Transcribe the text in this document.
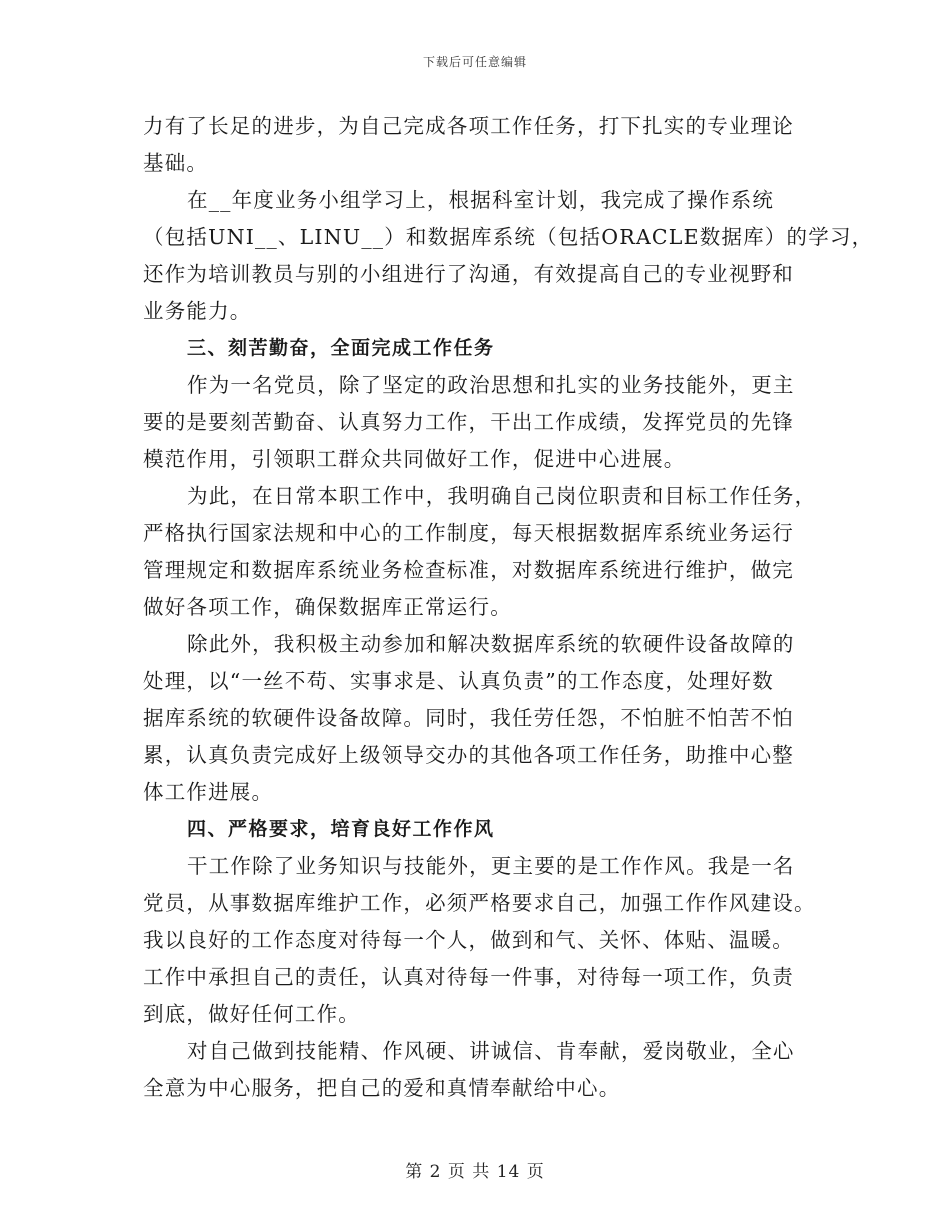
下载后可任意编辑
力有了长足的进步，为自己完成各项工作任务，打下扎实的专业理论
基础。
在__年度业务小组学习上，根据科室计划，我完成了操作系统
（包括UNI__、LINU__）和数据库系统（包括ORACLE数据库）的学习，
还作为培训教员与别的小组进行了沟通，有效提高自己的专业视野和
业务能力。
三、刻苦勤奋，全面完成工作任务
作为一名党员，除了坚定的政治思想和扎实的业务技能外，更主
要的是要刻苦勤奋、认真努力工作，干出工作成绩，发挥党员的先锋
模范作用，引领职工群众共同做好工作，促进中心进展。
为此，在日常本职工作中，我明确自己岗位职责和目标工作任务，
严格执行国家法规和中心的工作制度，每天根据数据库系统业务运行
管理规定和数据库系统业务检查标准，对数据库系统进行维护，做完
做好各项工作，确保数据库正常运行。
除此外，我积极主动参加和解决数据库系统的软硬件设备故障的
处理，以“一丝不苟、实事求是、认真负责”的工作态度，处理好数
据库系统的软硬件设备故障。同时，我任劳任怨，不怕脏不怕苦不怕
累，认真负责完成好上级领导交办的其他各项工作任务，助推中心整
体工作进展。
四、严格要求，培育良好工作作风
干工作除了业务知识与技能外，更主要的是工作作风。我是一名
党员，从事数据库维护工作，必须严格要求自己，加强工作作风建设。
我以良好的工作态度对待每一个人，做到和气、关怀、体贴、温暖。
工作中承担自己的责任，认真对待每一件事，对待每一项工作，负责
到底，做好任何工作。
对自己做到技能精、作风硬、讲诚信、肯奉献，爱岗敬业，全心
全意为中心服务，把自己的爱和真情奉献给中心。
第 2 页 共 14 页
